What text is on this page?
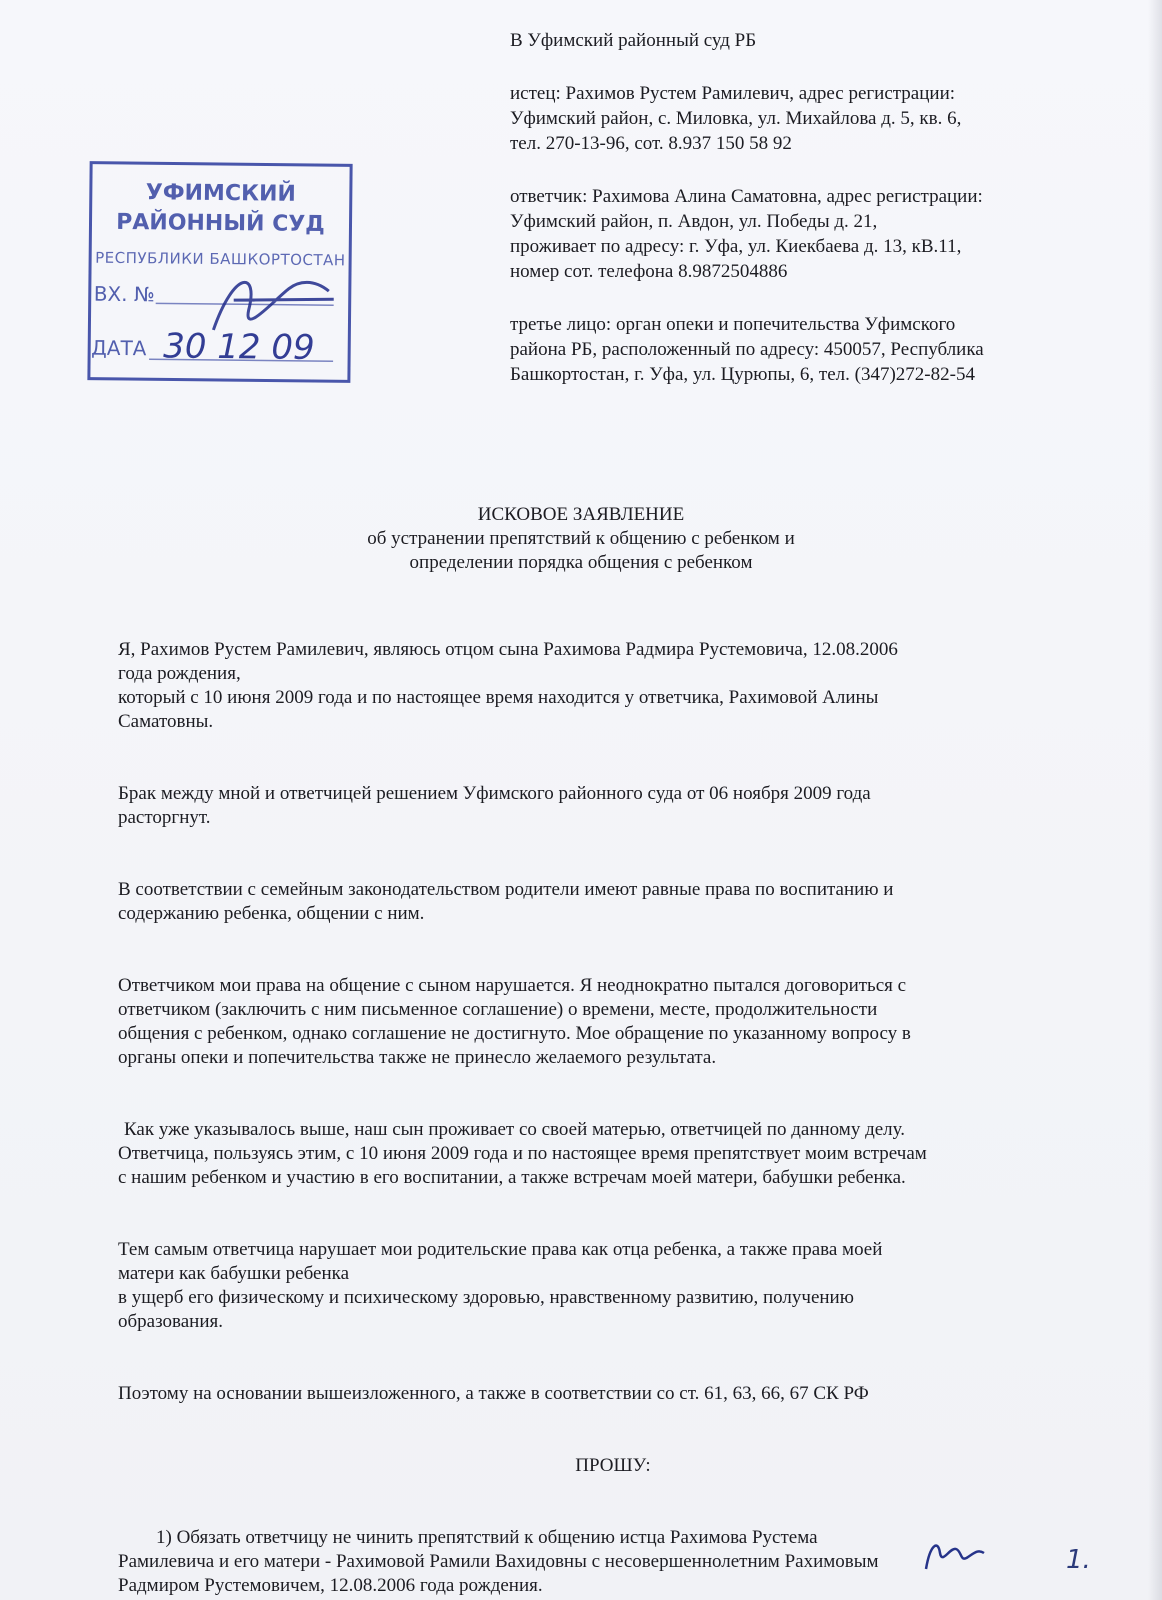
В Уфимский районный суд РБ

истец: Рахимов Рустем Рамилевич, адрес регистрации:

Уфимский район, с. Миловка, ул. Михайлова д. 5, кв. 6,

тел. 270-13-96, сот. 8.937 150 58 92

ответчик: Рахимова Алина Саматовна, адрес регистрации:

Уфимский район, п. Авдон, ул. Победы д. 21,

проживает по адресу: г. Уфа, ул. Киекбаева д. 13, кВ.11,

номер сот. телефона 8.9872504886

третье лицо: орган опеки и попечительства Уфимского

района РБ, расположенный по адресу: 450057, Республика

Башкортостан, г. Уфа, ул. Цурюпы, 6, тел. (347)272-82-54

УФИМСКИЙ
РАЙОННЫЙ СУД
РЕСПУБЛИКИ БАШКОРТОСТАН
ВХ. №
ДАТА 30 12 09

ИСКОВОЕ ЗАЯВЛЕНИЕ

об устранении препятствий к общению с ребенком и

определении порядка общения с ребенком

Я, Рахимов Рустем Рамилевич, являюсь отцом сына Рахимова Радмира Рустемовича, 12.08.2006

года рождения,

который с 10 июня 2009 года и по настоящее время находится у ответчика, Рахимовой Алины

Саматовны.

Брак между мной и ответчицей решением Уфимского районного суда от 06 ноября 2009 года

расторгнут.

В соответствии с семейным законодательством родители имеют равные права по воспитанию и

содержанию ребенка, общении с ним.

Ответчиком мои права на общение с сыном нарушается. Я неоднократно пытался договориться с

ответчиком (заключить с ним письменное соглашение) о времени, месте, продолжительности

общения с ребенком, однако соглашение не достигнуто. Мое обращение по указанному вопросу в

органы опеки и попечительства также не принесло желаемого результата.

Как уже указывалось выше, наш сын проживает со своей матерью, ответчицей по данному делу.

Ответчица, пользуясь этим, с 10 июня 2009 года и по настоящее время препятствует моим встречам

с нашим ребенком и участию в его воспитании, а также встречам моей матери, бабушки ребенка.

Тем самым ответчица нарушает мои родительские права как отца ребенка, а также права моей

матери как бабушки ребенка

в ущерб его физическому и психическому здоровью, нравственному развитию, получению

образования.

Поэтому на основании вышеизложенного, а также в соответствии со ст. 61, 63, 66, 67 СК РФ

ПРОШУ:

1) Обязать ответчицу не чинить препятствий к общению истца Рахимова Рустема

Рамилевича и его матери - Рахимовой Рамили Вахидовны с несовершеннолетним Рахимовым

Радмиром Рустемовичем, 12.08.2006 года рождения.

1.
